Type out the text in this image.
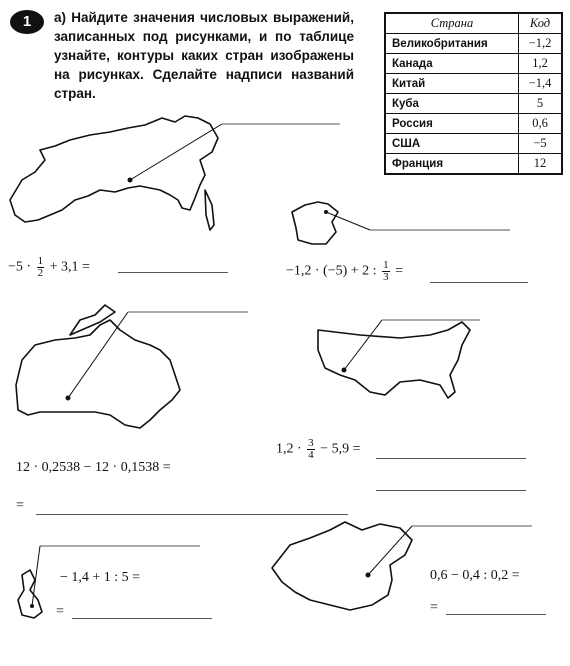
1	а) Найдите значения числовых выражений, записанных под рисунками, и по таблице узнайте, контуры каких стран изображены на рисунках. Сделайте надписи названий стран.
Страна	Код
Великобритания	−1,2
Канада	1,2
Китай	−1,4
Куба	5
Россия	0,6
США	−5
Франция	12
$-5 \cdot \frac{1}{2} + 3,1$ =	−1,2 · (−5) + 2 : $\frac{1}{3}$ =
12 · 0,2538 − 12 · 0,1538 =
=
$1,2 \cdot \frac{3}{4} - 5,9$ =
− 1,4 + 1 : 5 =
=
0,6 − 0,4 : 0,2 =
=
